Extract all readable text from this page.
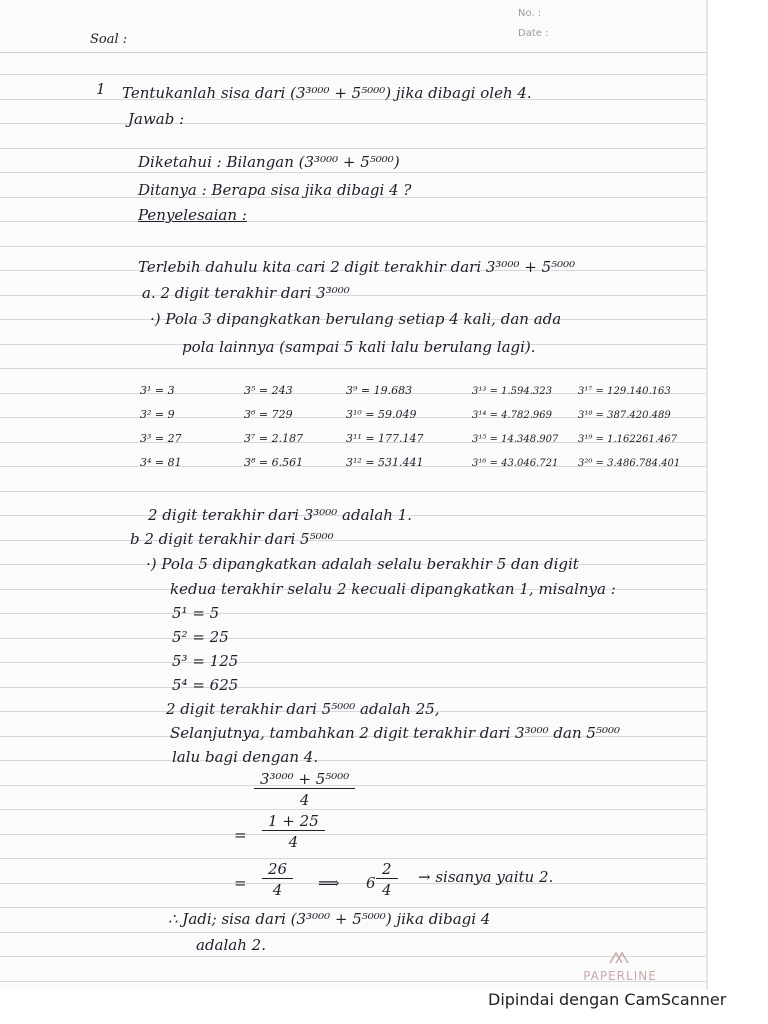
No. :
Date :
Soal :
1 Tentukanlah sisa dari (3³⁰⁰⁰ + 5⁵⁰⁰⁰) jika dibagi oleh 4.
Jawab :
Diketahui : Bilangan (3³⁰⁰⁰ + 5⁵⁰⁰⁰)
Ditanya : Berapa sisa jika dibagi 4 ?
Penyelesaian :
Terlebih dahulu kita cari 2 digit terakhir dari 3³⁰⁰⁰ + 5⁵⁰⁰⁰
a. 2 digit terakhir dari 3³⁰⁰⁰
·) Pola 3 dipangkatkan berulang setiap 4 kali, dan ada
pola lainnya (sampai 5 kali lalu berulang lagi).
3¹ = 3	3⁵ = 243	3⁹ = 19.683	3¹³ = 1.594.323	3¹⁷ = 129.140.163
3² = 9	3⁶ = 729	3¹⁰ = 59.049	3¹⁴ = 4.782.969	3¹⁸ = 387.420.489
3³ = 27	3⁷ = 2.187	3¹¹ = 177.147	3¹⁵ = 14.348.907 3¹⁹ = 1.162261.467
3⁴ = 81	3⁸ = 6.561	3¹² = 531.441	3¹⁶ = 43.046.721 3²⁰ = 3.486.784.401
2 digit terakhir dari 3³⁰⁰⁰ adalah 1.
b 2 digit terakhir dari 5⁵⁰⁰⁰
·) Pola 5 dipangkatkan adalah selalu berakhir 5 dan digit
kedua terakhir selalu 2 kecuali dipangkatkan 1, misalnya :
5¹ = 5
5² = 25
5³ = 125
5⁴ = 625
2 digit terakhir dari 5⁵⁰⁰⁰ adalah 25,
Selanjutnya, tambahkan 2 digit terakhir dari 3³⁰⁰⁰ dan 5⁵⁰⁰⁰
lalu bagi dengan 4.
$\frac{\text{3³⁰⁰⁰ + 5⁵⁰⁰⁰}}{4}$
= $\frac{1 + 25}{4}$
= $\frac{26}{4}$ ⟹ $6 \frac{2}{4}$ → sisanya yaitu 2.
∴ Jadi; sisa dari (3³⁰⁰⁰ + 5⁵⁰⁰⁰) jika dibagi 4
adalah 2.
PAPERLINE
Dipindai dengan CamScanner
